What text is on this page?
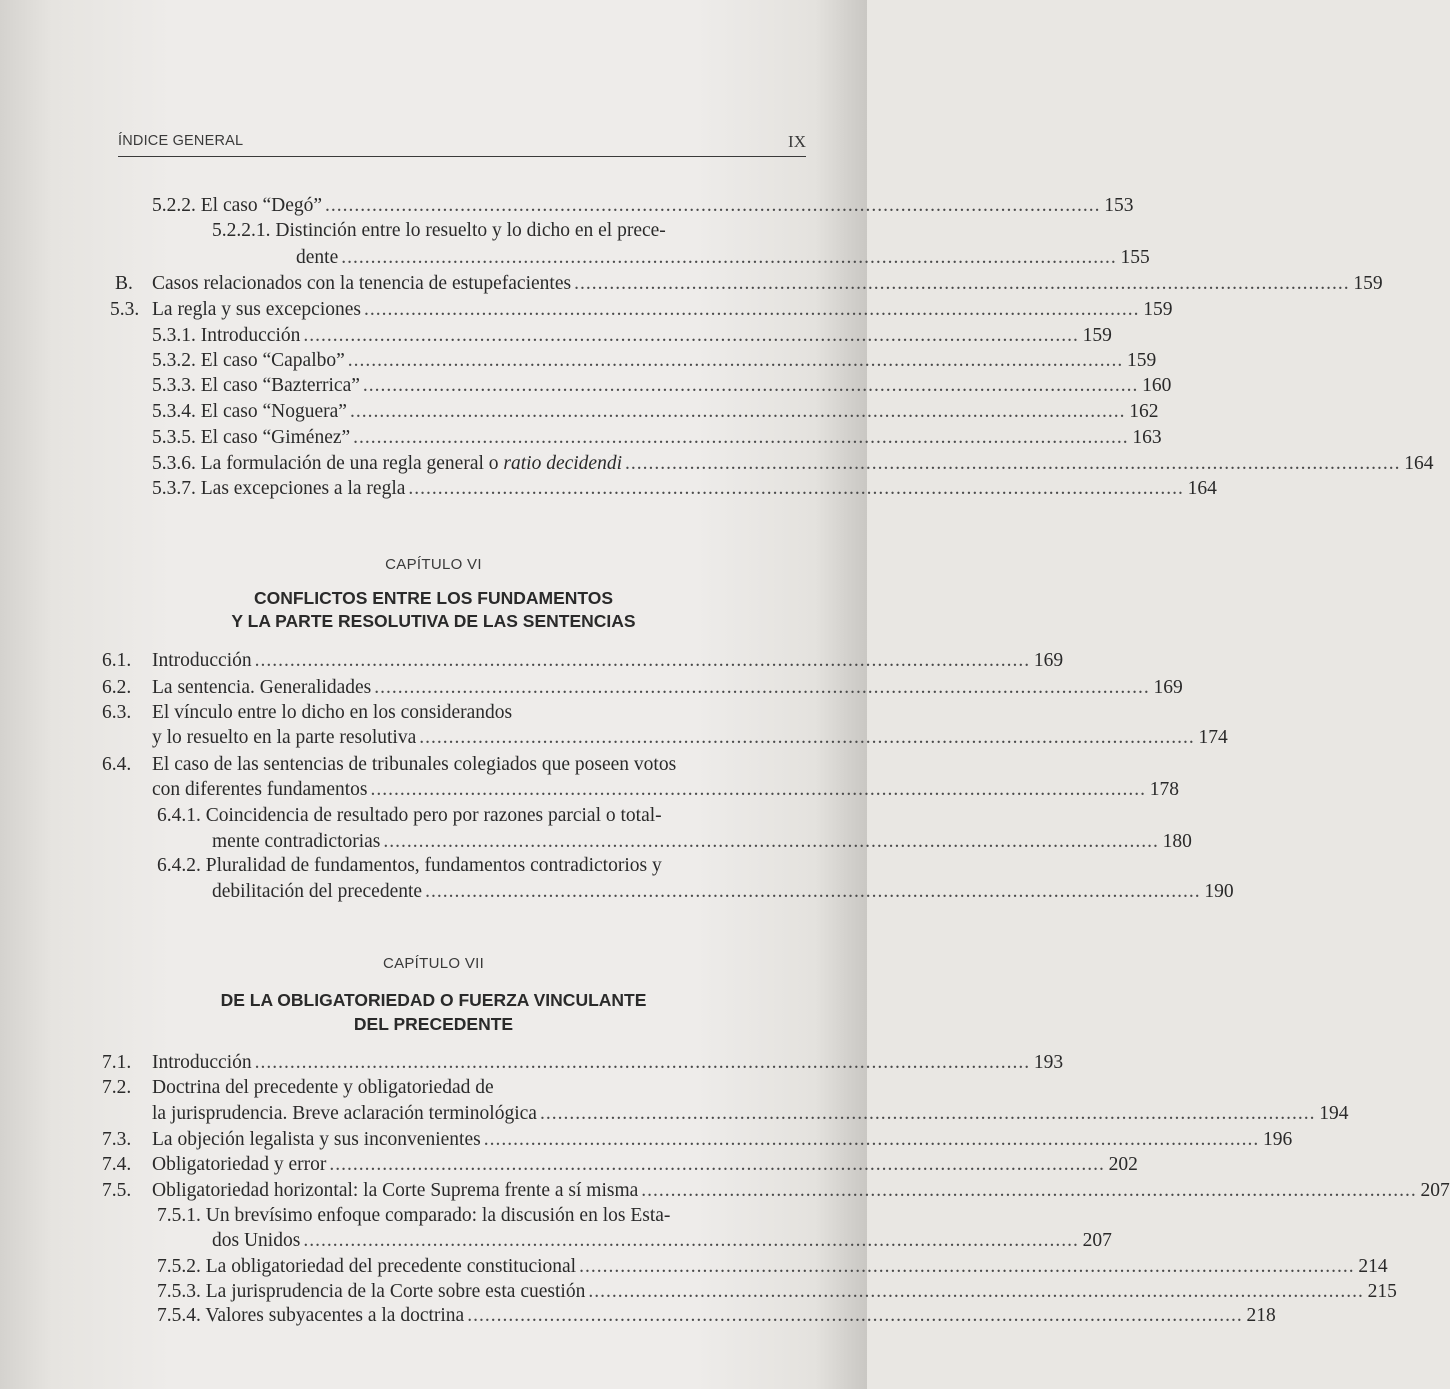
ÍNDICE GENERAL	IX
5.2.2. El caso “Degó” .................................................................................................................................... 153
5.2.2.1. Distinción entre lo resuelto y lo dicho en el prece-
dente .................................................................................................................................... 155
B. Casos relacionados con la tenencia de estupefacientes .................................................................................................................................... 159
5.3. La regla y sus excepciones .................................................................................................................................... 159
5.3.1. Introducción .................................................................................................................................... 159
5.3.2. El caso “Capalbo” .................................................................................................................................... 159
5.3.3. El caso “Bazterrica” .................................................................................................................................... 160
5.3.4. El caso “Noguera” .................................................................................................................................... 162
5.3.5. El caso “Giménez” .................................................................................................................................... 163
5.3.6. La formulación de una regla general o ratio decidendi .................................................................................................................................... 164
5.3.7. Las excepciones a la regla .................................................................................................................................... 164
CAPÍTULO VI
CONFLICTOS ENTRE LOS FUNDAMENTOS
Y LA PARTE RESOLUTIVA DE LAS SENTENCIAS
6.1. Introducción .................................................................................................................................... 169
6.2. La sentencia. Generalidades .................................................................................................................................... 169
6.3. El vínculo entre lo dicho en los considerandos
y lo resuelto en la parte resolutiva .................................................................................................................................... 174
6.4. El caso de las sentencias de tribunales colegiados que poseen votos
con diferentes fundamentos .................................................................................................................................... 178
6.4.1. Coincidencia de resultado pero por razones parcial o total-
mente contradictorias .................................................................................................................................... 180
6.4.2. Pluralidad de fundamentos, fundamentos contradictorios y
debilitación del precedente .................................................................................................................................... 190
CAPÍTULO VII
DE LA OBLIGATORIEDAD O FUERZA VINCULANTE
DEL PRECEDENTE
7.1. Introducción .................................................................................................................................... 193
7.2. Doctrina del precedente y obligatoriedad de
la jurisprudencia. Breve aclaración terminológica .................................................................................................................................... 194
7.3. La objeción legalista y sus inconvenientes .................................................................................................................................... 196
7.4. Obligatoriedad y error .................................................................................................................................... 202
7.5. Obligatoriedad horizontal: la Corte Suprema frente a sí misma .................................................................................................................................... 207
7.5.1. Un brevísimo enfoque comparado: la discusión en los Esta-
dos Unidos .................................................................................................................................... 207
7.5.2. La obligatoriedad del precedente constitucional .................................................................................................................................... 214
7.5.3. La jurisprudencia de la Corte sobre esta cuestión .................................................................................................................................... 215
7.5.4. Valores subyacentes a la doctrina .................................................................................................................................... 218
